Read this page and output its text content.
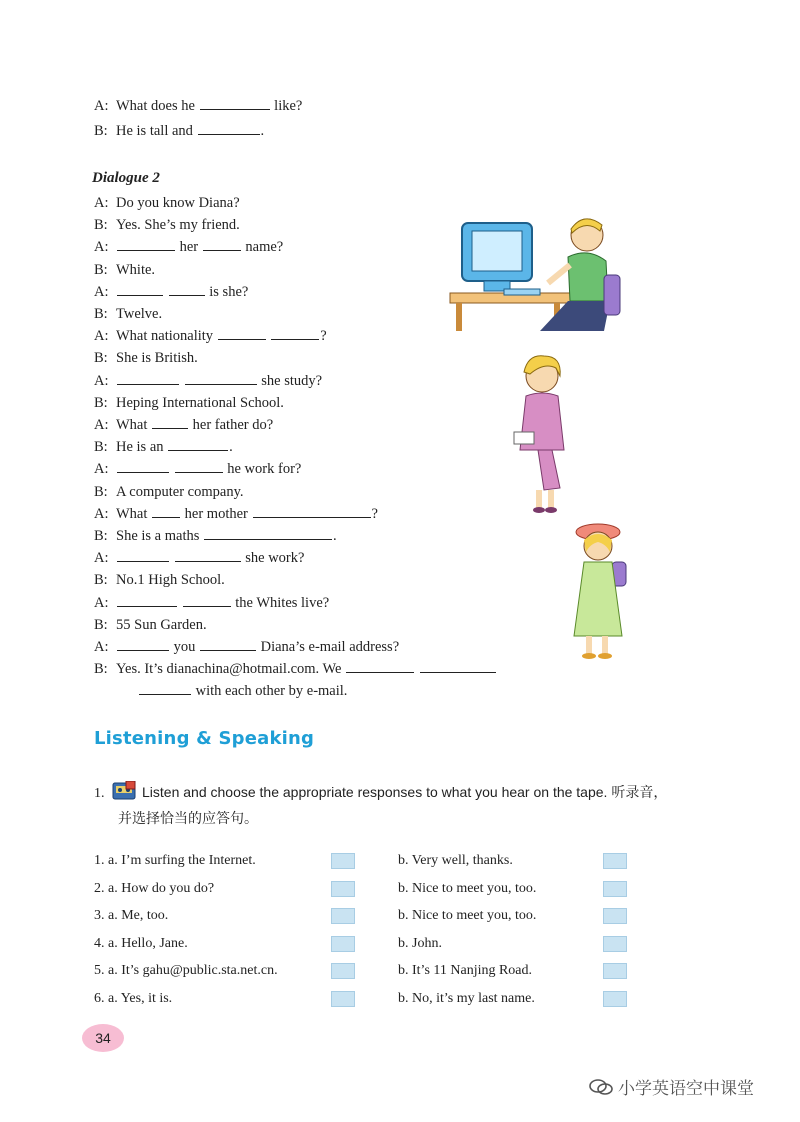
A: What does he	like?
B: He is tall and	.
Dialogue 2
A: Do you know Diana?
B: Yes. She’s my friend.
A:	her	name?
B: White.
A:	is she?
B: Twelve.
A: What nationality	?
B: She is British.
A:	she study?
B: Heping International School.
A: What	her father do?
B: He is an	.
A:	he work for?
B: A computer company.
A: What  her mother	?
B: She is a maths	.
A:	she work?
B: No.1 High School.
A:	the Whites live?
B: 55 Sun Garden.
A:	you	Diana’s e-mail address?
B: Yes. It’s dianachina@hotmail.com. We
with each other by e-mail.
Listening & Speaking
1.	Listen and choose the appropriate responses to what you hear on the tape. 听录音，
并选择恰当的应答句。
1. a. I’m surfing the Internet.	b. Very well, thanks.
2. a. How do you do?	b. Nice to meet you, too.
3. a. Me, too.	b. Nice to meet you, too.
4. a. Hello, Jane.	b. John.
5. a. It’s gahu@public.sta.net.cn.	b. It’s 11 Nanjing Road.
6. a. Yes, it is.	b. No, it’s my last name.
34
小学英语空中课堂
